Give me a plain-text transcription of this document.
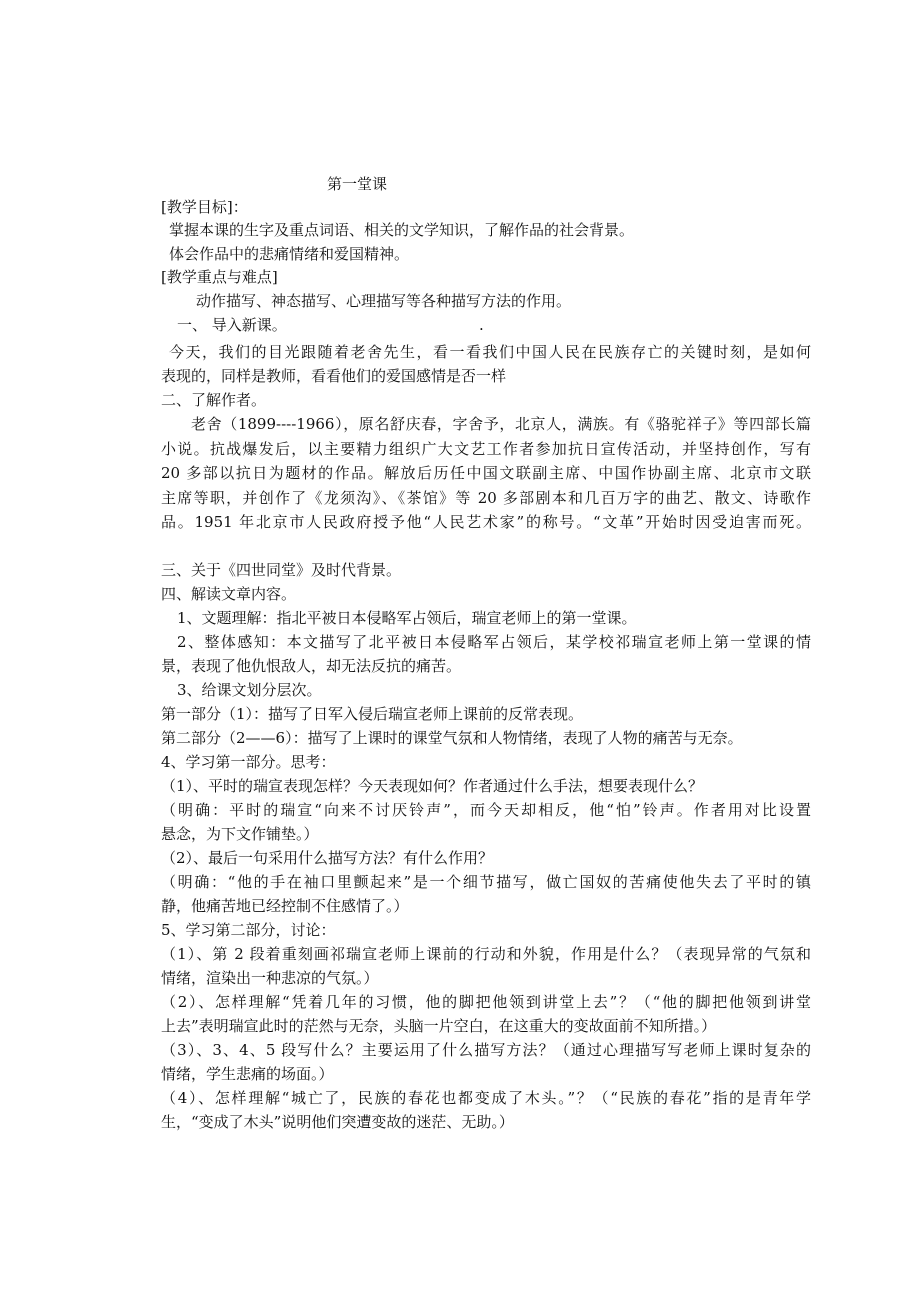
第一堂课
[教学目标]：
掌握本课的生字及重点词语、相关的文学知识，了解作品的社会背景。
体会作品中的悲痛情绪和爱国精神。
[教学重点与难点]
动作描写、神态描写、心理描写等各种描写方法的作用。
一、 导入新课。	.
今天，我们的目光跟随着老舍先生，看一看我们中国人民在民族存亡的关键时刻，是如何
表现的，同样是教师，看看他们的爱国感情是否一样
二、了解作者。
老舍（1899----1966），原名舒庆春，字舍予，北京人，满族。有《骆驼祥子》等四部长篇
小说。抗战爆发后，以主要精力组织广大文艺工作者参加抗日宣传活动，并坚持创作，写有
20 多部以抗日为题材的作品。解放后历任中国文联副主席、中国作协副主席、北京市文联
主席等职，并创作了《龙须沟》、《茶馆》等 20 多部剧本和几百万字的曲艺、散文、诗歌作
品。1951 年北京市人民政府授予他“人民艺术家”的称号。“文革”开始时因受迫害而死。
三、关于《四世同堂》及时代背景。
四、解读文章内容。
1、文题理解：指北平被日本侵略军占领后，瑞宣老师上的第一堂课。
2、整体感知：本文描写了北平被日本侵略军占领后，某学校祁瑞宣老师上第一堂课的情
景，表现了他仇恨敌人，却无法反抗的痛苦。
3、给课文划分层次。
第一部分（1）：描写了日军入侵后瑞宣老师上课前的反常表现。
第二部分（2——6）：描写了上课时的课堂气氛和人物情绪，表现了人物的痛苦与无奈。
4、学习第一部分。思考：
（1）、平时的瑞宣表现怎样？今天表现如何？作者通过什么手法，想要表现什么？
（明确：平时的瑞宣“向来不讨厌铃声”，而今天却相反，他“怕”铃声。作者用对比设置
悬念，为下文作铺垫。）
（2）、最后一句采用什么描写方法？有什么作用？
（明确：“他的手在袖口里颤起来”是一个细节描写，做亡国奴的苦痛使他失去了平时的镇
静，他痛苦地已经控制不住感情了。）
5、学习第二部分，讨论：
（1）、第 2 段着重刻画祁瑞宣老师上课前的行动和外貌，作用是什么？（表现异常的气氛和
情绪，渲染出一种悲凉的气氛。）
（2）、怎样理解“凭着几年的习惯，他的脚把他领到讲堂上去”？（“他的脚把他领到讲堂
上去”表明瑞宣此时的茫然与无奈，头脑一片空白，在这重大的变故面前不知所措。）
（3）、3、4、5 段写什么？主要运用了什么描写方法？（通过心理描写写老师上课时复杂的
情绪，学生悲痛的场面。）
（4）、怎样理解“城亡了，民族的春花也都变成了木头。”？（“民族的春花”指的是青年学
生，“变成了木头”说明他们突遭变故的迷茫、无助。）
